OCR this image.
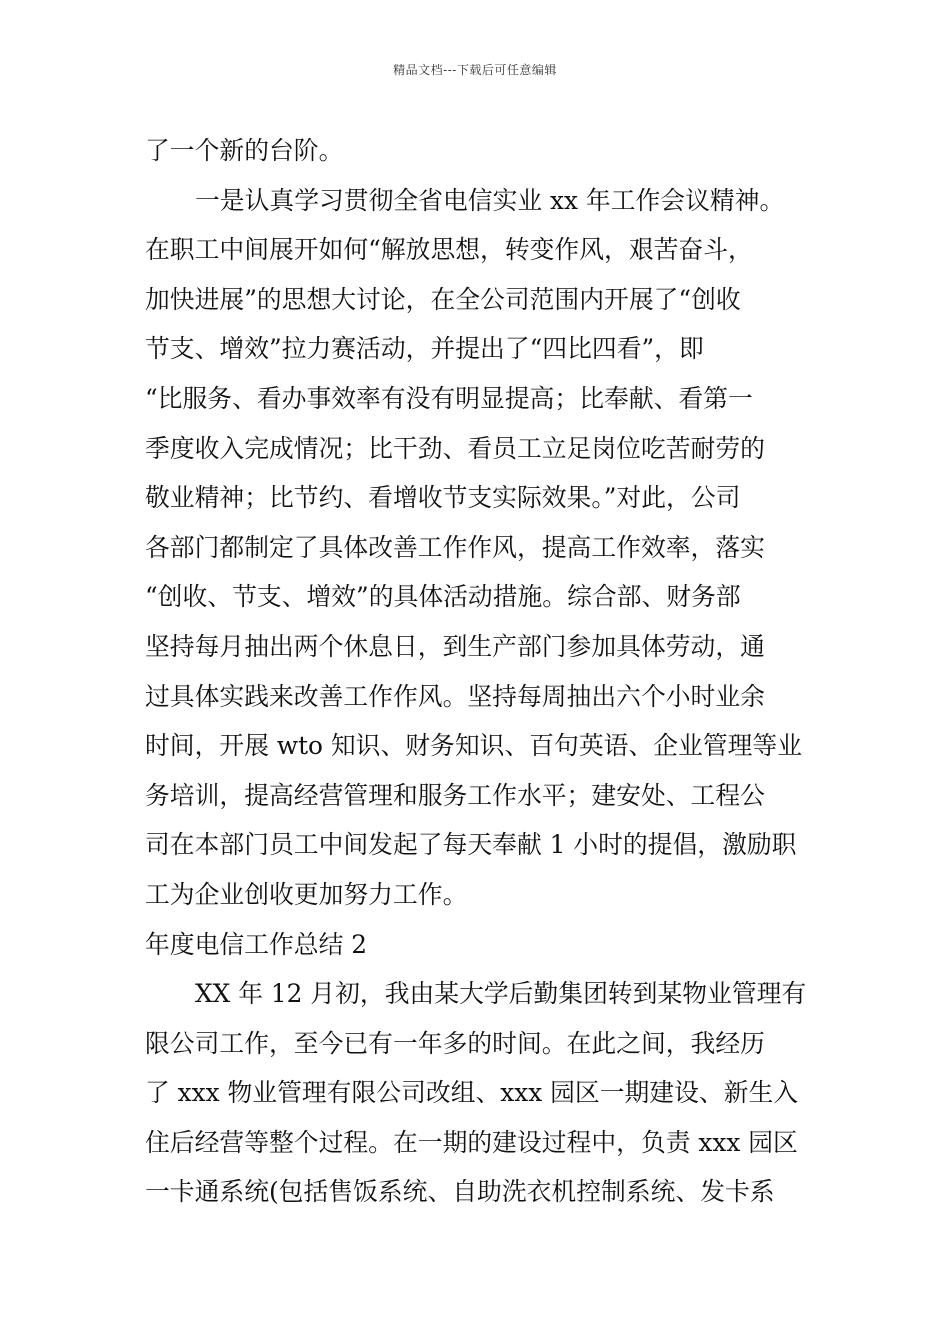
精品文档---下载后可任意编辑
了一个新的台阶。
一是认真学习贯彻全省电信实业 xx 年工作会议精神。
在职工中间展开如何“解放思想，转变作风，艰苦奋斗，
加快进展”的思想大讨论，在全公司范围内开展了“创收
节支、增效”拉力赛活动，并提出了“四比四看”，即
“比服务、看办事效率有没有明显提高；比奉献、看第一
季度收入完成情况；比干劲、看员工立足岗位吃苦耐劳的
敬业精神；比节约、看增收节支实际效果。”对此，公司
各部门都制定了具体改善工作作风，提高工作效率，落实
“创收、节支、增效”的具体活动措施。综合部、财务部
坚持每月抽出两个休息日，到生产部门参加具体劳动，通
过具体实践来改善工作作风。坚持每周抽出六个小时业余
时间，开展 wto 知识、财务知识、百句英语、企业管理等业
务培训，提高经营管理和服务工作水平；建安处、工程公
司在本部门员工中间发起了每天奉献 1 小时的提倡，激励职
工为企业创收更加努力工作。
年度电信工作总结 2
XX 年 12 月初，我由某大学后勤集团转到某物业管理有
限公司工作，至今已有一年多的时间。在此之间，我经历
了 xxx 物业管理有限公司改组、xxx 园区一期建设、新生入
住后经营等整个过程。在一期的建设过程中，负责 xxx 园区
一卡通系统(包括售饭系统、自助洗衣机控制系统、发卡系
